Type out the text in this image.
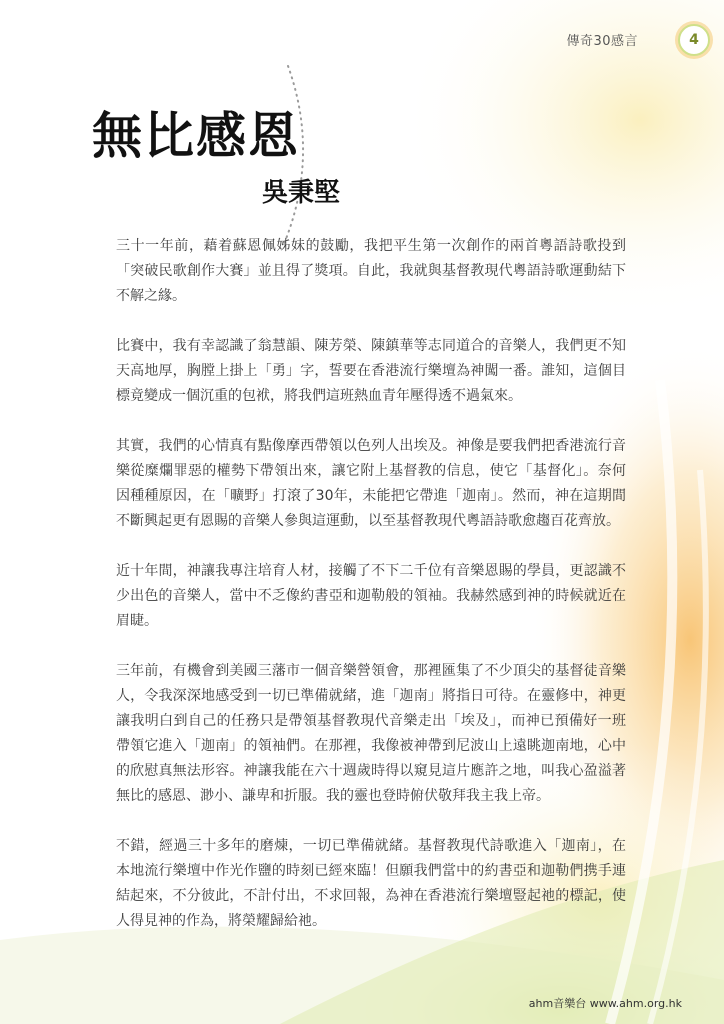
傳奇30感言	4
無比感恩
吳秉堅

三十一年前，藉着蘇恩佩姊妹的鼓勵，我把平生第一次創作的兩首粵語詩歌投到「突破民歌創作大賽」並且得了獎項。自此，我就與基督教現代粵語詩歌運動結下不解之緣。

比賽中，我有幸認識了翁慧韻、陳芳榮、陳鎮華等志同道合的音樂人，我們更不知天高地厚，胸膛上掛上「勇」字，誓要在香港流行樂壇為神闖一番。誰知，這個目標竟變成一個沉重的包袱，將我們這班熱血青年壓得透不過氣來。

其實，我們的心情真有點像摩西帶領以色列人出埃及。神像是要我們把香港流行音樂從糜爛罪惡的權勢下帶領出來，讓它附上基督教的信息，使它「基督化」。奈何因種種原因，在「曠野」打滾了30年，未能把它帶進「迦南」。然而，神在這期間不斷興起更有恩賜的音樂人參與這運動，以至基督教現代粵語詩歌愈趨百花齊放。

近十年間，神讓我專注培育人材，接觸了不下二千位有音樂恩賜的學員，更認識不少出色的音樂人，當中不乏像約書亞和迦勒般的領袖。我赫然感到神的時候就近在眉睫。

三年前，有機會到美國三藩市一個音樂營領會，那裡匯集了不少頂尖的基督徒音樂人，令我深深地感受到一切已準備就緒，進「迦南」將指日可待。在靈修中，神更讓我明白到自己的任務只是帶領基督教現代音樂走出「埃及」，而神已預備好一班帶領它進入「迦南」的領袖們。在那裡，我像被神帶到尼波山上遠眺迦南地，心中的欣慰真無法形容。神讓我能在六十週歲時得以窺見這片應許之地，叫我心盈溢著無比的感恩、渺小、謙卑和折服。我的靈也登時俯伏敬拜我主我上帝。

不錯，經過三十多年的磨煉，一切已準備就緒。基督教現代詩歌進入「迦南」，在本地流行樂壇中作光作鹽的時刻已經來臨！但願我們當中的約書亞和迦勒們携手連結起來，不分彼此，不計付出，不求回報，為神在香港流行樂壇豎起祂的標記，使人得見神的作為，將榮耀歸給祂。

ahm音樂台 www.ahm.org.hk
